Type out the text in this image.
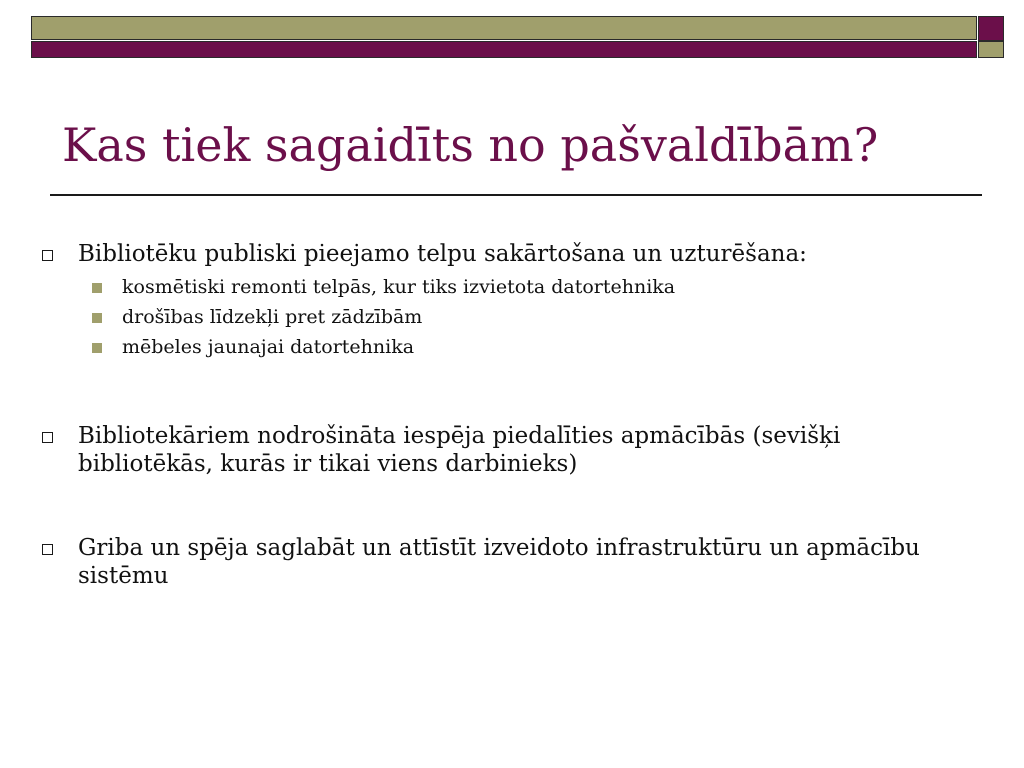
Kas tiek sagaidīts no pašvaldībām?

Bibliotēku publiski pieejamo telpu sakārtošana un uzturēšana:

kosmētiski remonti telpās, kur tiks izvietota datortehnika

drošības līdzekļi pret zādzībām

mēbeles jaunajai datortehnika

Bibliotekāriem nodrošināta iespēja piedalīties apmācībās (sevišķi bibliotēkās, kurās ir tikai viens darbinieks)

Griba un spēja saglabāt un attīstīt izveidoto infrastruktūru un apmācību sistēmu
